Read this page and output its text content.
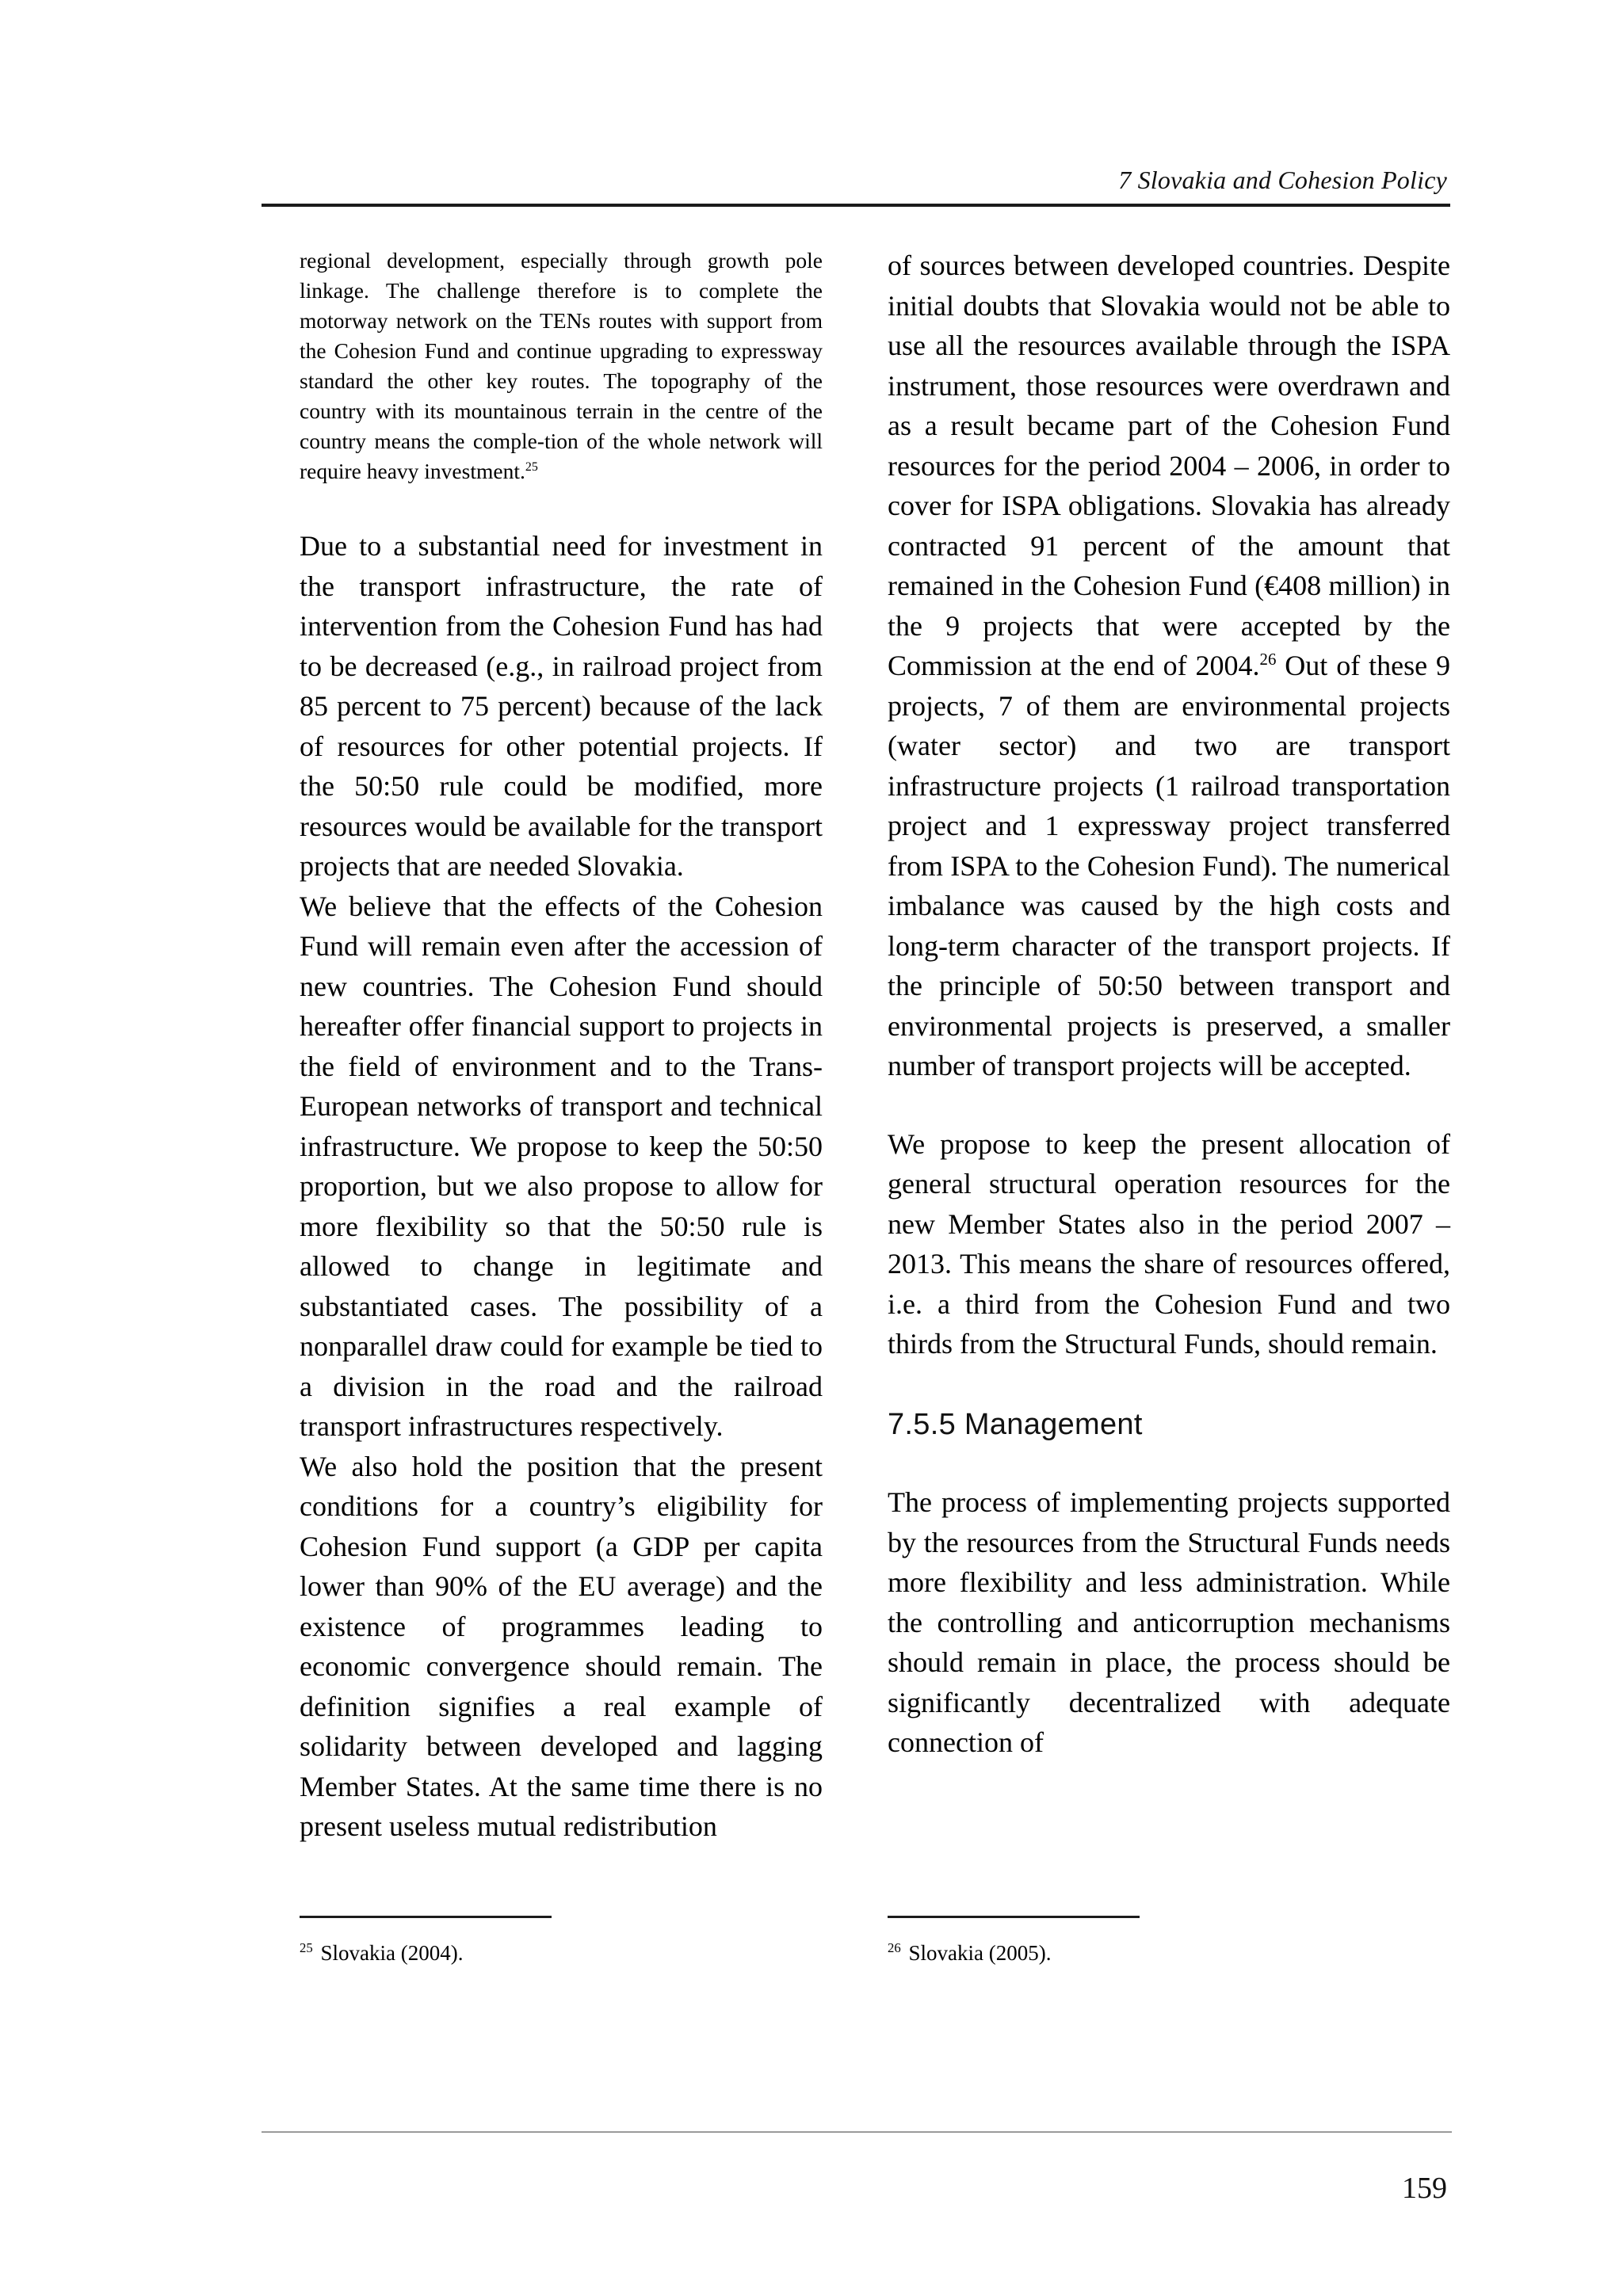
7 Slovakia and Cohesion Policy

regional development, especially through growth pole linkage. The challenge therefore is to complete the motorway network on the TENs routes with support from the Cohesion Fund and continue upgrading to expressway standard the other key routes. The topography of the country with its mountainous terrain in the centre of the country means the comple-tion of the whole network will require heavy investment.$^{25}$

Due to a substantial need for investment in the transport infrastructure, the rate of intervention from the Cohesion Fund has had to be decreased (e.g., in railroad project from 85 percent to 75 percent) because of the lack of resources for other potential projects. If the 50:50 rule could be modified, more resources would be available for the transport projects that are needed Slovakia.

We believe that the effects of the Cohesion Fund will remain even after the accession of new countries. The Cohesion Fund should hereafter offer financial support to projects in the field of environment and to the Trans-European networks of transport and technical infrastructure. We propose to keep the 50:50 proportion, but we also propose to allow for more flexibility so that the 50:50 rule is allowed to change in legitimate and substantiated cases. The possibility of a nonparallel draw could for example be tied to a division in the road and the railroad transport infrastructures respectively.

We also hold the position that the present conditions for a country’s eligibility for Cohesion Fund support (a GDP per capita lower than 90% of the EU average) and the existence of programmes leading to economic convergence should remain. The definition signifies a real example of solidarity between developed and lagging Member States. At the same time there is no present useless mutual redistribution

of sources between developed countries. Despite initial doubts that Slovakia would not be able to use all the resources available through the ISPA instrument, those resources were overdrawn and as a result became part of the Cohesion Fund resources for the period 2004 – 2006, in order to cover for ISPA obligations. Slovakia has already contracted 91 percent of the amount that remained in the Cohesion Fund (€408 million) in the 9 projects that were accepted by the Commission at the end of 2004.26 Out of these 9 projects, 7 of them are environmental projects (water sector) and two are transport infrastructure projects (1 railroad transportation project and 1 expressway project transferred from ISPA to the Cohesion Fund). The numerical imbalance was caused by the high costs and long-term character of the transport projects. If the principle of 50:50 between transport and environmental projects is preserved, a smaller number of transport projects will be accepted.

We propose to keep the present allocation of general structural operation resources for the new Member States also in the period 2007 – 2013. This means the share of resources offered, i.e. a third from the Cohesion Fund and two thirds from the Structural Funds, should remain.

7.5.5 Management

The process of implementing projects supported by the resources from the Structural Funds needs more flexibility and less administration. While the controlling and anticorruption mechanisms should remain in place, the process should be significantly decentralized with adequate connection of

$^{25}$ Slovakia (2004).	$^{26}$ Slovakia (2005).
159
